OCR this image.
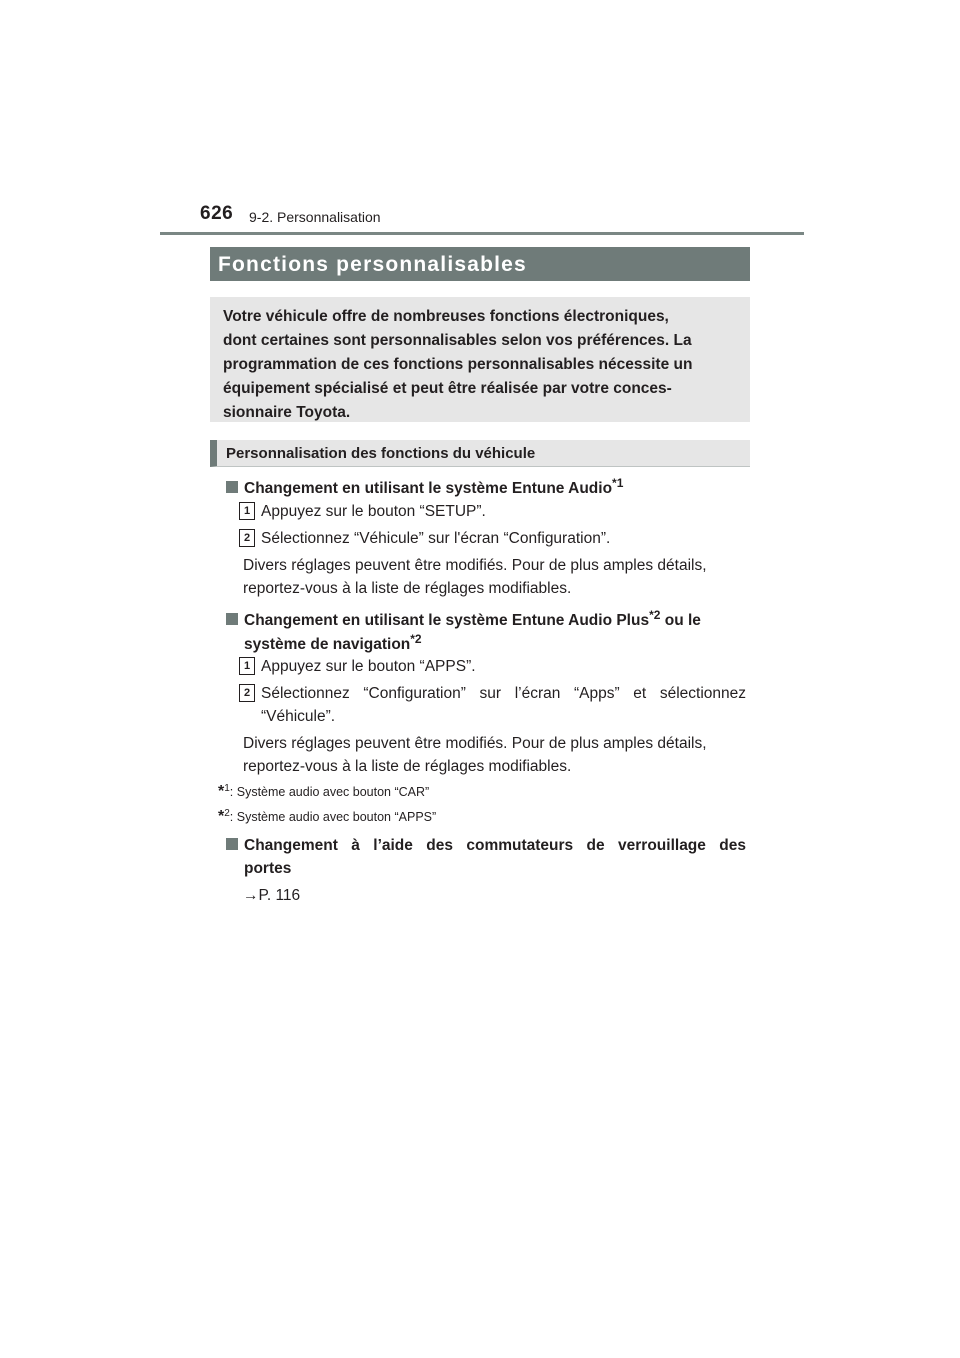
626 9-2. Personnalisation
Fonctions personnalisables
Votre véhicule offre de nombreuses fonctions électroniques,
dont certaines sont personnalisables selon vos préférences. La
programmation de ces fonctions personnalisables nécessite un
équipement spécialisé et peut être réalisée par votre conces-
sionnaire Toyota.
Personnalisation des fonctions du véhicule
Changement en utilisant le système Entune Audio$^{*1}$
1 Appuyez sur le bouton “SETUP”.
2 Sélectionnez “Véhicule” sur l'écran “Configuration”.
Divers réglages peuvent être modifiés. Pour de plus amples détails,
reportez-vous à la liste de réglages modifiables.
Changement en utilisant le système Entune Audio Plus$^{*2}$ ou le
système de navigation$^{*2}$
1 Appuyez sur le bouton “APPS”.
2 Sélectionnez “Configuration” sur l’écran “Apps” et sélectionnez
“Véhicule”.
Divers réglages peuvent être modifiés. Pour de plus amples détails,
reportez-vous à la liste de réglages modifiables.
*$^1$: Système audio avec bouton “CAR”
*$^2$: Système audio avec bouton “APPS”
Changement à l’aide des commutateurs de verrouillage des
portes
→P. 116
